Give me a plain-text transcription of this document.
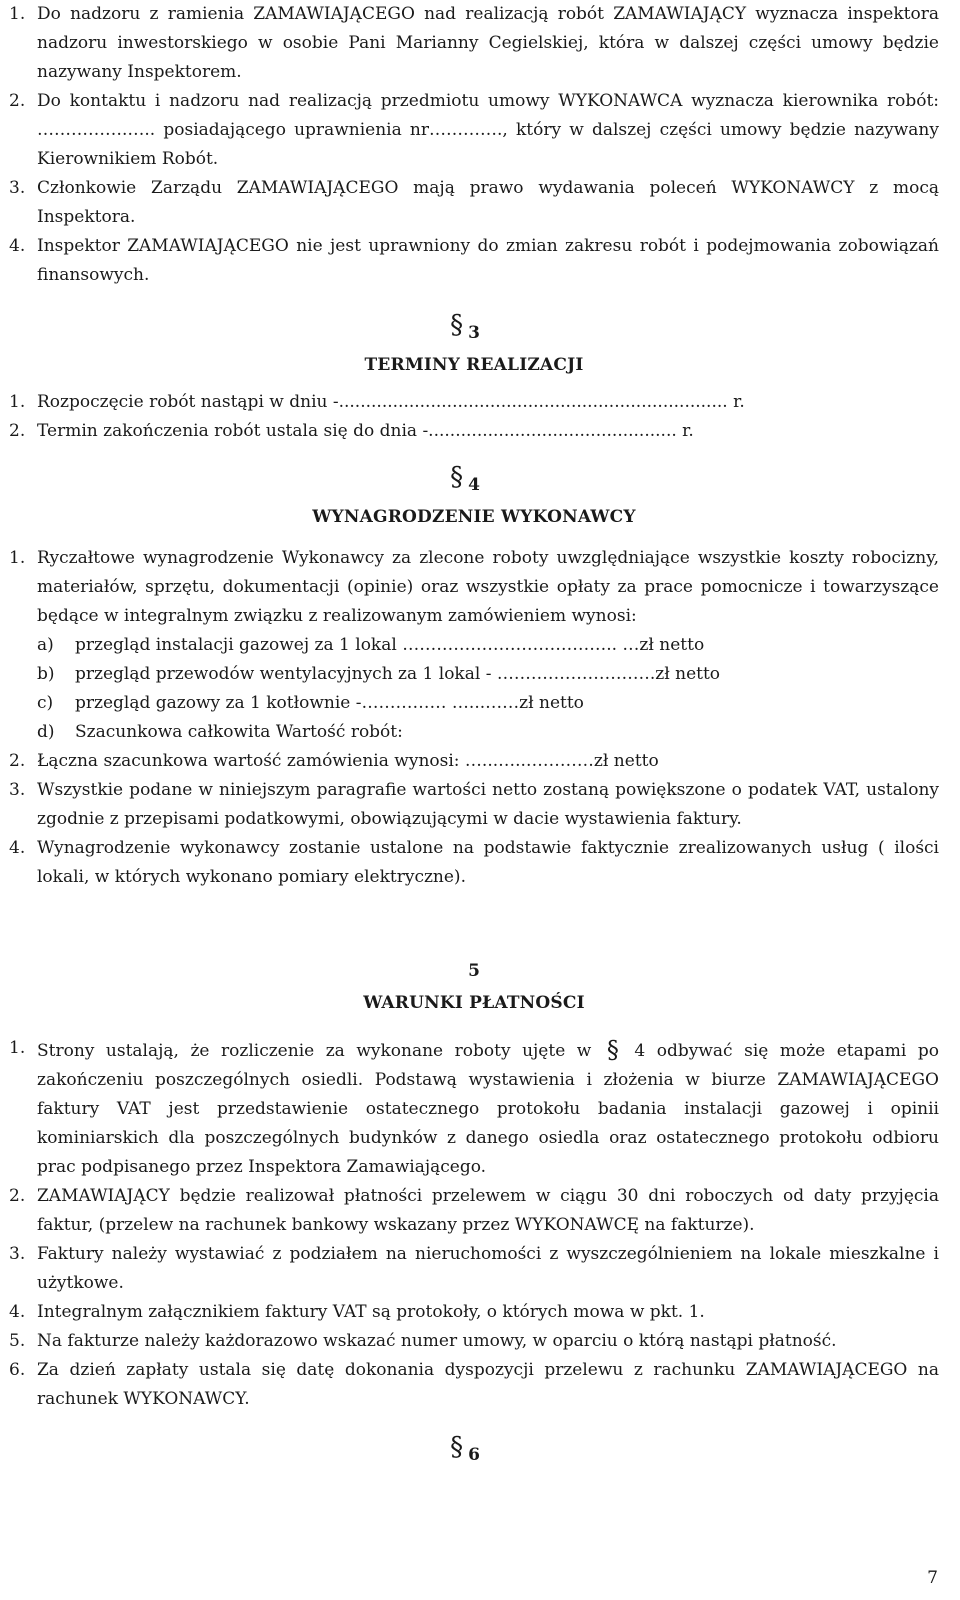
1. Do nadzoru z ramienia ZAMAWIAJĄCEGO nad realizacją robót ZAMAWIAJĄCY wyznacza inspektora nadzoru inwestorskiego w osobie Pani Marianny Cegielskiej, która w dalszej części umowy będzie nazywany Inspektorem.
2. Do kontaktu i nadzoru nad realizacją przedmiotu umowy WYKONAWCA wyznacza kierownika robót: …………….….. posiadającego uprawnienia nr…………., który w dalszej części umowy będzie nazywany Kierownikiem Robót.
3. Członkowie Zarządu ZAMAWIAJĄCEGO mają prawo wydawania poleceń WYKONAWCY z mocą Inspektora.
4. Inspektor ZAMAWIAJĄCEGO nie jest uprawniony do zmian zakresu robót i podejmowania zobowiązań finansowych.
§ 3
TERMINY REALIZACJI
1. Rozpoczęcie robót nastąpi w dniu -........................................................................ r.
2. Termin zakończenia robót ustala się do dnia -.............................................. r.
§ 4
WYNAGRODZENIE WYKONAWCY
1. Ryczałtowe wynagrodzenie Wykonawcy za zlecone roboty uwzględniające wszystkie koszty robocizny, materiałów, sprzętu, dokumentacji (opinie) oraz wszystkie opłaty za prace pomocnicze i towarzyszące będące w integralnym związku z realizowanym zamówieniem wynosi:
a)	przegląd instalacji gazowej za 1 lokal ……………………………….. …zł netto
b)	przegląd przewodów wentylacyjnych za 1 lokal - ……………………….zł netto
c)	przegląd gazowy za 1 kotłownie -…………… …...……zł netto
d)	Szacunkowa całkowita Wartość robót:
2. Łączna szacunkowa wartość zamówienia wynosi: …...…..…………zł netto
3. Wszystkie podane w niniejszym paragrafie wartości netto zostaną powiększone o podatek VAT, ustalony zgodnie z przepisami podatkowymi, obowiązującymi w dacie wystawienia faktury.
4. Wynagrodzenie wykonawcy zostanie ustalone na podstawie faktycznie zrealizowanych usług ( ilości lokali, w których wykonano pomiary elektryczne).
5
WARUNKI PŁATNOŚCI
1. Strony ustalają, że rozliczenie za wykonane roboty ujęte w § 4 odbywać się może etapami po zakończeniu poszczególnych osiedli. Podstawą wystawienia i złożenia w biurze ZAMAWIAJĄCEGO faktury VAT jest przedstawienie ostatecznego protokołu badania instalacji gazowej i opinii kominiarskich dla poszczególnych budynków z danego osiedla oraz ostatecznego protokołu odbioru prac podpisanego przez Inspektora Zamawiającego.
2. ZAMAWIAJĄCY będzie realizował płatności przelewem w ciągu 30 dni roboczych od daty przyjęcia faktur, (przelew na rachunek bankowy wskazany przez WYKONAWCĘ na fakturze).
3. Faktury należy wystawiać z podziałem na nieruchomości z wyszczególnieniem na lokale mieszkalne i użytkowe.
4. Integralnym załącznikiem faktury VAT są protokoły, o których mowa w pkt. 1.
5. Na fakturze należy każdorazowo wskazać numer umowy, w oparciu o którą nastąpi płatność.
6. Za dzień zapłaty ustala się datę dokonania dyspozycji przelewu z rachunku ZAMAWIAJĄCEGO na rachunek WYKONAWCY.
§ 6
7
